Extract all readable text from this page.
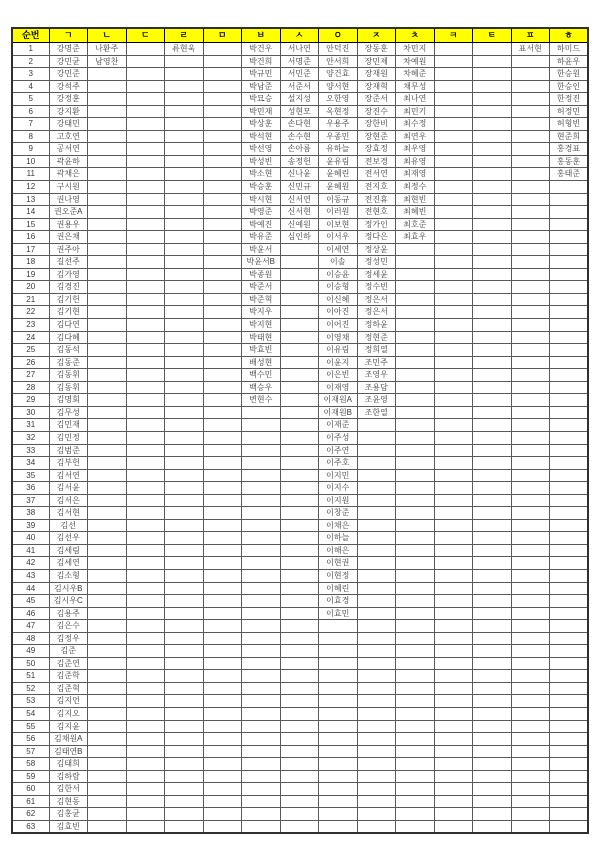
순번	ㄱ	ㄴ	ㄷ	ㄹ	ㅁ	ㅂ	ㅅ	ㅇ	ㅈ	ㅊ	ㅋ	ㅌ	ㅍ	ㅎ
1	강명준	나환주		류현욱		박건우	서나연	안덕진	장동훈	차민지			표서현	하미드
2	강민균	남영찬				박건희	서명준	안서희	장민제	차예원				하윤우
3	강민준					박규민	서민준	양건효	장재원	차혜준				한승원
4	강석주					박남준	서준서	양서현	장재혁	채무성				한승인
5	강정훈					박묘승	설지성	오한영	장준서	최나연				한정진
6	강지환					박민재	성현모	옥현정	장진수	최민기				허정민
7	강태민					박상훈	손다현	우용주	장한비	최수정				허형빈
8	고호연					박석현	손수현	우종민	장현준	최연우				현준희
9	공서연					박선영	손아름	유하늘	장효정	최우영				홍경표
10	곽윤하					박성빈	송정헌	윤유림	전보경	최유영				홍동훈
11	곽채은					박소현	신나윤	윤혜린	전서연	최재영				홍태준
12	구시원					박승훈	신민규	윤혜원	전지호	최정수				
13	권나영					박시현	신서연	이동규	전진휴	최현빈				
14	권오준A					박영준	신서현	이러원	전현호	최혜빈				
15	권용우					박예진	신예원	이보현	정가인	최호준				
16	권은채					박유준	심인하	이서우	정다은	최효우				
17	권주아					박윤서		이세연	정상윤					
18	길선주					박윤서B		이솔	정성민					
19	김가영					박종원		이승윤	정세윤					
20	김경진					박준서		이승형	정수빈					
21	김기헌					박준혁		이신혜	정은서					
22	김기현					박지우		이아진	정은서					
23	김다연					박지현		이어진	정하윤					
24	김다혜					박태현		이영채	정현준					
25	김동석					박효빈		이유림	정희열					
26	김동준					배성현		이윤지	조민주					
27	김동휘					백수민		이은빈	조영우					
28	김동휘					백승우		이재영	조용담					
29	김명회					변현수		이재원A	조윤영					
30	김무성							이재원B	조한열					
31	김민재							이재준						
32	김민정							이주성						
33	김범준							이주연						
34	김부헌							이주호						
35	김서연							이지민						
36	김서윤							이지수						
37	김서은							이지원						
38	김서현							이창준						
39	김선							이채은						
40	김선우							이하늘						
41	김세림							이해은						
42	김세연							이현권						
43	김소형							이현정						
44	김시우B							이혜린						
45	김시우C							이효경						
46	김용주							이효민						
47	김은수													
48	김정우													
49	김준													
50	김준연													
51	김준학													
52	김준혁													
53	김지언													
54	김지오													
55	김지윤													
56	김채원A													
57	김태연B													
58	김태희													
59	김하람													
60	김한서													
61	김현동													
62	김홍균													
63	김효빈													
